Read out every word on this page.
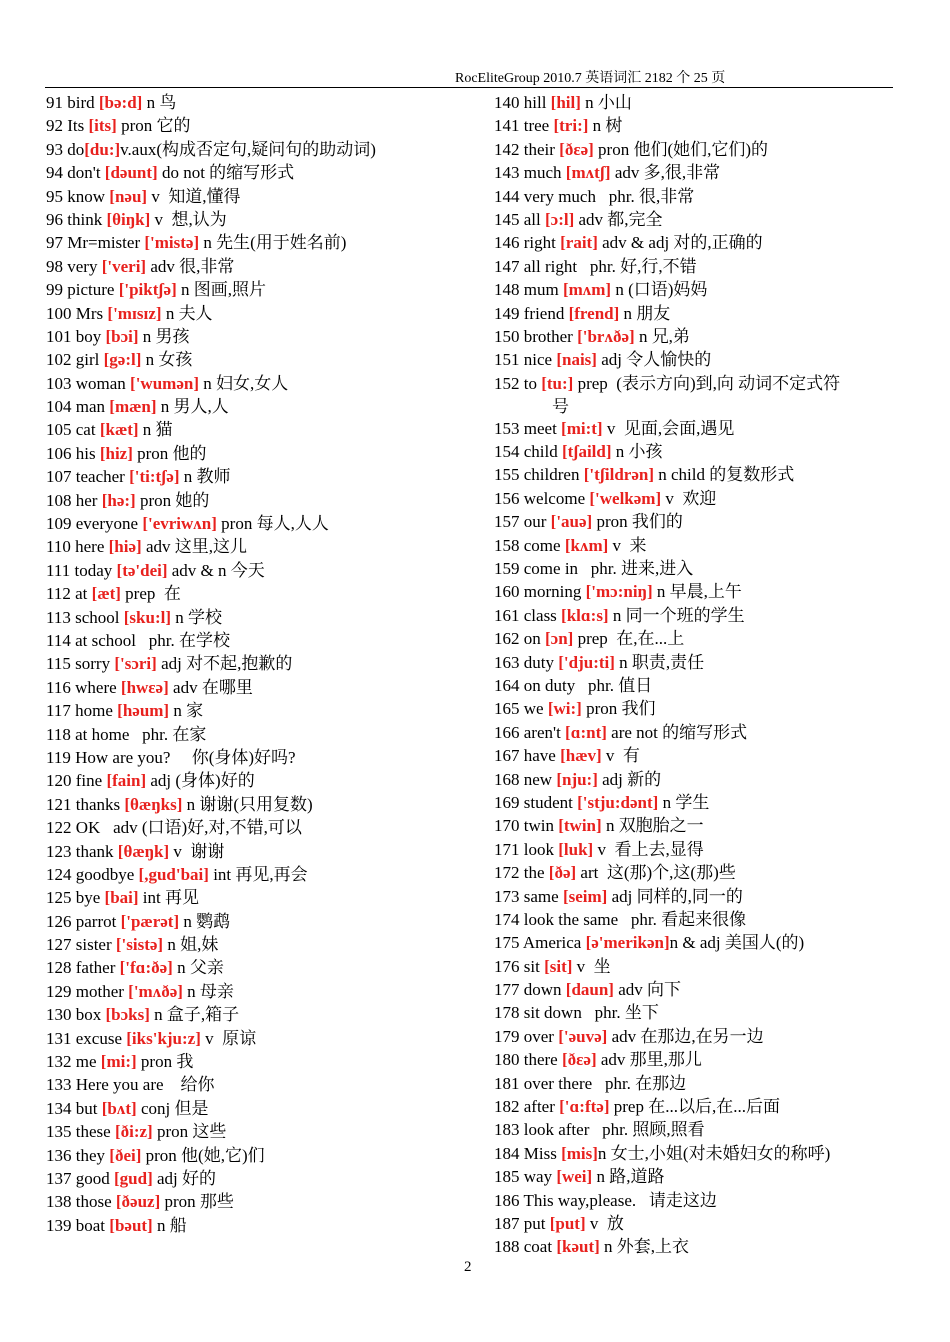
RocEliteGroup 2010.7 英语词汇 2182 个 25 页
91 bird [bə:d] n 鸟
92 Its [its] pron 它的
93 do[du:]v.aux(构成否定句,疑问句的助动词)
94 don't [dəunt] do not 的缩写形式
95 know [nəu] v  知道,懂得
96 think [θiŋk] v  想,认为
97 Mr=mister ['mistə] n 先生(用于姓名前)
98 very ['veri] adv 很,非常
99 picture ['piktʃə] n 图画,照片
100 Mrs ['mɪsɪz] n 夫人
101 boy [bɔi] n 男孩
102 girl [gə:l] n 女孩
103 woman ['wumən] n 妇女,女人
104 man [mæn] n 男人,人
105 cat [kæt] n 猫
106 his [hiz] pron 他的
107 teacher ['ti:tʃə] n 教师
108 her [hə:] pron 她的
109 everyone ['evriwʌn] pron 每人,人人
110 here [hiə] adv 这里,这儿
111 today [tə'dei] adv & n 今天
112 at [æt] prep  在
113 school [sku:l] n 学校
114 at school   phr. 在学校
115 sorry ['sɔri] adj 对不起,抱歉的
116 where [hwεə] adv 在哪里
117 home [həum] n 家
118 at home   phr. 在家
119 How are you?     你(身体)好吗?
120 fine [fain] adj (身体)好的
121 thanks [θæŋks] n 谢谢(只用复数)
122 OK   adv (口语)好,对,不错,可以
123 thank [θæŋk] v  谢谢
124 goodbye [,gud'bai] int 再见,再会
125 bye [bai] int 再见
126 parrot ['pærət] n 鹦鹉
127 sister ['sistə] n 姐,妹
128 father ['fɑ:ðə] n 父亲
129 mother ['mʌðə] n 母亲
130 box [bɔks] n 盒子,箱子
131 excuse [iks'kju:z] v  原谅
132 me [mi:] pron 我
133 Here you are    给你
134 but [bʌt] conj 但是
135 these [ði:z] pron 这些
136 they [ðei] pron 他(她,它)们
137 good [gud] adj 好的
138 those [ðəuz] pron 那些
139 boat [bəut] n 船
140 hill [hil] n 小山
141 tree [tri:] n 树
142 their [ðεə] pron 他们(她们,它们)的
143 much [mʌtʃ] adv 多,很,非常
144 very much   phr. 很,非常
145 all [ɔ:l] adv 都,完全
146 right [rait] adv & adj 对的,正确的
147 all right   phr. 好,行,不错
148 mum [mʌm] n (口语)妈妈
149 friend [frend] n 朋友
150 brother ['brʌðə] n 兄,弟
151 nice [nais] adj 令人愉快的
152 to [tu:] prep  (表示方向)到,向 动词不定式符
号
153 meet [mi:t] v  见面,会面,遇见
154 child [tʃaild] n 小孩
155 children ['tʃildrən] n child 的复数形式
156 welcome ['welkəm] v  欢迎
157 our ['auə] pron 我们的
158 come [kʌm] v  来
159 come in   phr. 进来,进入
160 morning ['mɔ:niŋ] n 早晨,上午
161 class [klɑ:s] n 同一个班的学生
162 on [ɔn] prep  在,在...上
163 duty ['dju:ti] n 职责,责任
164 on duty   phr. 值日
165 we [wi:] pron 我们
166 aren't [ɑ:nt] are not 的缩写形式
167 have [hæv] v  有
168 new [nju:] adj 新的
169 student ['stju:dənt] n 学生
170 twin [twin] n 双胞胎之一
171 look [luk] v  看上去,显得
172 the [ðə] art  这(那)个,这(那)些
173 same [seim] adj 同样的,同一的
174 look the same   phr. 看起来很像
175 America [ə'merikən]n & adj 美国人(的)
176 sit [sit] v  坐
177 down [daun] adv 向下
178 sit down   phr. 坐下
179 over ['əuvə] adv 在那边,在另一边
180 there [ðεə] adv 那里,那儿
181 over there   phr. 在那边
182 after ['ɑ:ftə] prep 在...以后,在...后面
183 look after   phr. 照顾,照看
184 Miss [mis]n 女士,小姐(对未婚妇女的称呼)
185 way [wei] n 路,道路
186 This way,please.   请走这边
187 put [put] v  放
188 coat [kəut] n 外套,上衣
2
